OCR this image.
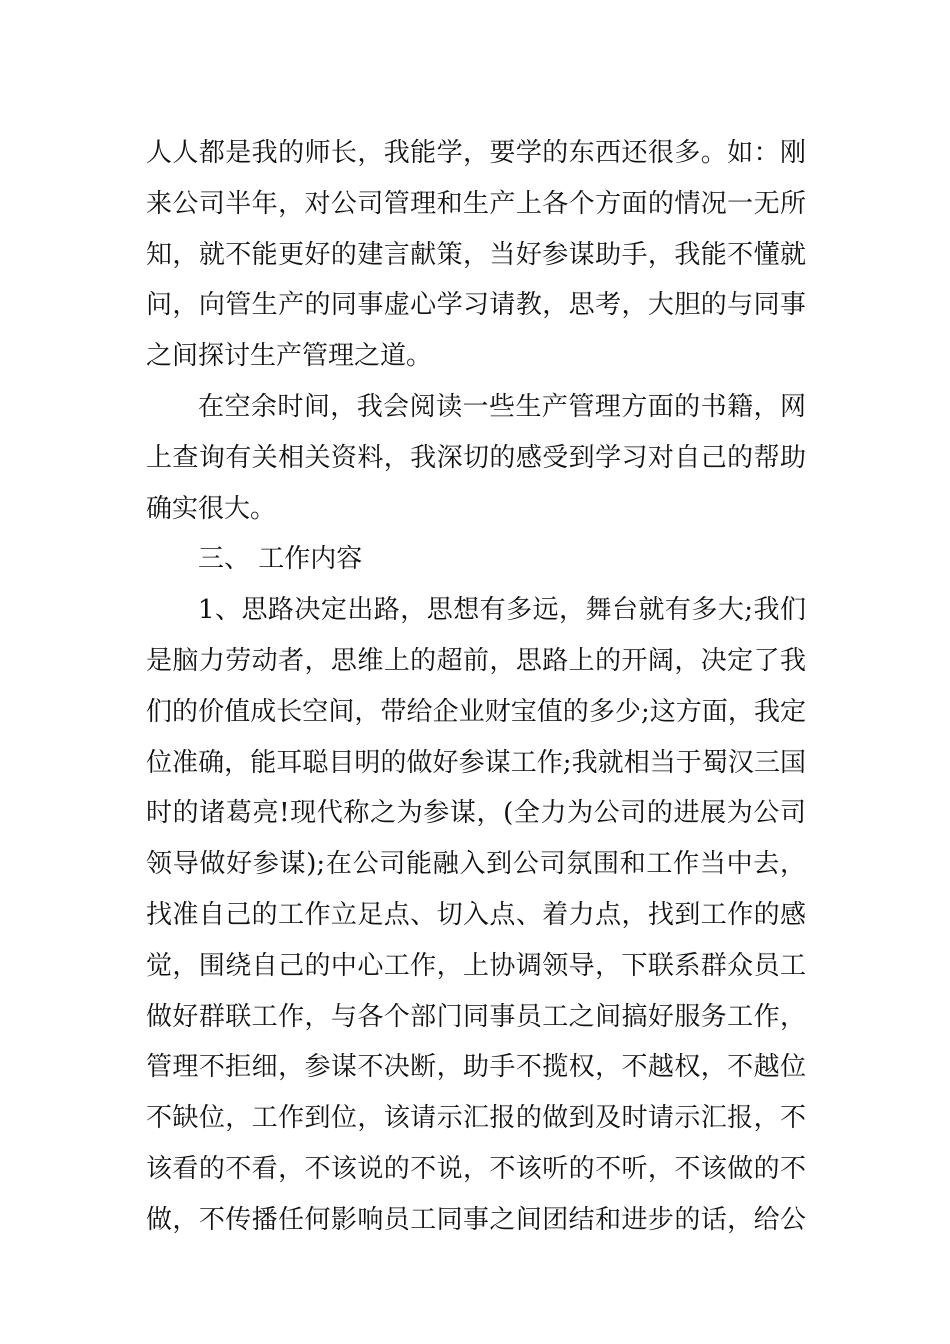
人人都是我的师长，我能学，要学的东西还很多。如：刚
来公司半年，对公司管理和生产上各个方面的情况一无所
知，就不能更好的建言献策，当好参谋助手，我能不懂就
问，向管生产的同事虚心学习请教，思考，大胆的与同事
之间探讨生产管理之道。
在空余时间，我会阅读一些生产管理方面的书籍，网
上查询有关相关资料，我深切的感受到学习对自己的帮助
确实很大。
三、 工作内容
1、思路决定出路，思想有多远，舞台就有多大;我们
是脑力劳动者，思维上的超前，思路上的开阔，决定了我
们的价值成长空间，带给企业财宝值的多少;这方面，我定
位准确，能耳聪目明的做好参谋工作;我就相当于蜀汉三国
时的诸葛亮!现代称之为参谋，(全力为公司的进展为公司
领导做好参谋);在公司能融入到公司氛围和工作当中去，
找准自己的工作立足点、切入点、着力点，找到工作的感
觉，围绕自己的中心工作，上协调领导，下联系群众员工
做好群联工作，与各个部门同事员工之间搞好服务工作，
管理不拒细，参谋不决断，助手不揽权，不越权，不越位
不缺位，工作到位，该请示汇报的做到及时请示汇报，不
该看的不看，不该说的不说，不该听的不听，不该做的不
做，不传播任何影响员工同事之间团结和进步的话，给公
